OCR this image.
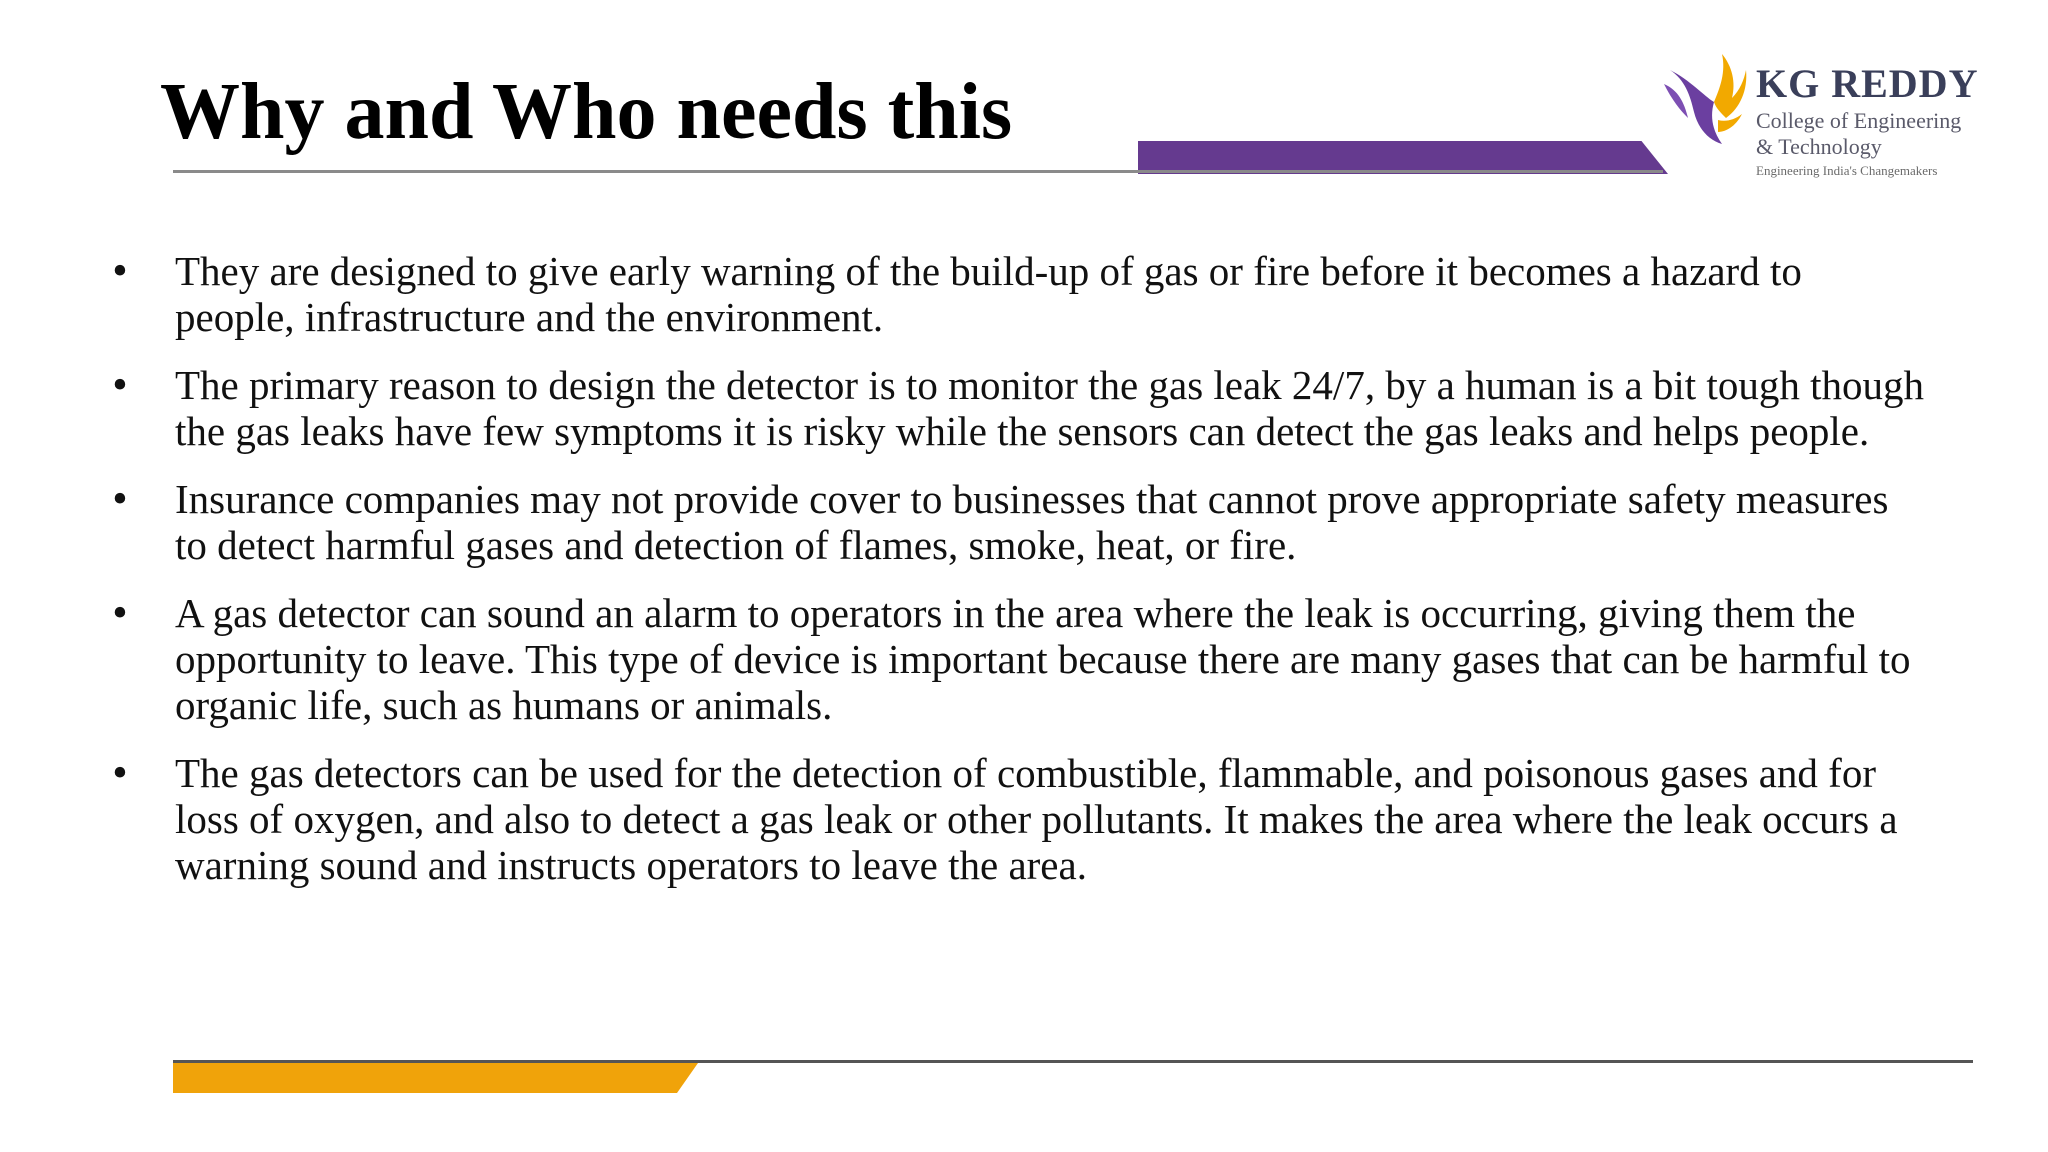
Why and Who needs this	KG REDDY
College of Engineering
& Technology
Engineering India's Changemakers
• They are designed to give early warning of the build-up of gas or fire before it becomes a hazard to people, infrastructure and the environment.
• The primary reason to design the detector is to monitor the gas leak 24/7, by a human is a bit tough though the gas leaks have few symptoms it is risky while the sensors can detect the gas leaks and helps people.
• Insurance companies may not provide cover to businesses that cannot prove appropriate safety measures to detect harmful gases and detection of flames, smoke, heat, or fire.
• A gas detector can sound an alarm to operators in the area where the leak is occurring, giving them the opportunity to leave. This type of device is important because there are many gases that can be harmful to organic life, such as humans or animals.
• The gas detectors can be used for the detection of combustible, flammable, and poisonous gases and for loss of oxygen, and also to detect a gas leak or other pollutants. It makes the area where the leak occurs a warning sound and instructs operators to leave the area.
